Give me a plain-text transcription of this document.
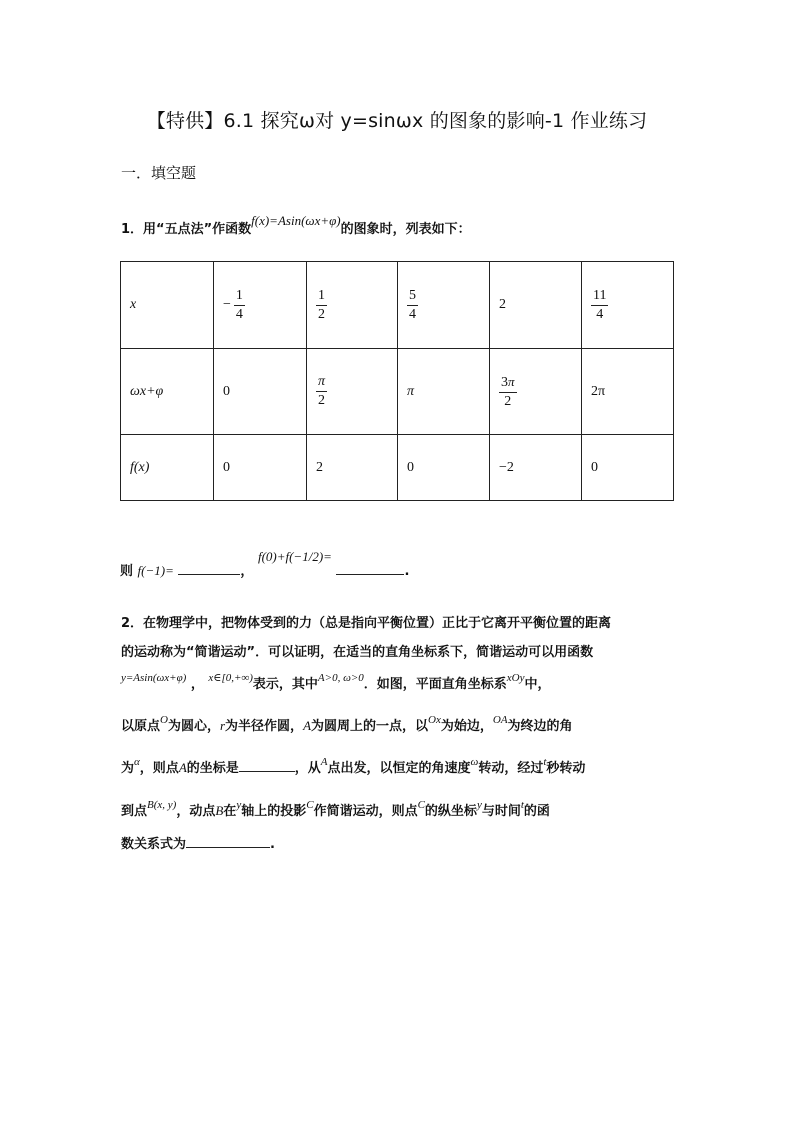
【特供】6.1 探究ω对 y=sinωx 的图象的影响-1 作业练习
一．填空题
1．用“五点法”作函数f(x)=Asin(ωx+φ)的图象时，列表如下：
x	− $\frac{1}{4}$	$\frac{1}{2}$	$\frac{5}{4}$	2	$\frac{11}{4}$

ωx+φ	0	$\frac{\pi}{2}$	π	$\frac{3\pi}{2}$	2π
f(x)	0	2	0	−2	0
则 f(−1)=	， f(0)+f(−1/2)= .
2．在物理学中，把物体受到的力（总是指向平衡位置）正比于它离开平衡位置的距离
的运动称为“简谐运动”．可以证明，在适当的直角坐标系下，简谐运动可以用函数
$^{y=Asin(\omega x+\varphi)}$ ， $^{x\in[0,+\infty)}$表示，其中$^{A>0, \omega>0}$．如图，平面直角坐标系$^{xOy}$中，
以原点$^O$为圆心，r为半径作圆，A为圆周上的一点，以$^{Ox}$为始边，$^{OA}$为终边的角
为$^\alpha$，则点A的坐标是	，从$^A$点出发，以恒定的角速度$^\omega$转动，经过$^t$秒转动
到点$^{B(x, y)}$，动点B在$^y$轴上的投影$^C$作简谐运动，则点$^C$的纵坐标$^y$与时间$^t$的函
数关系式为	.
